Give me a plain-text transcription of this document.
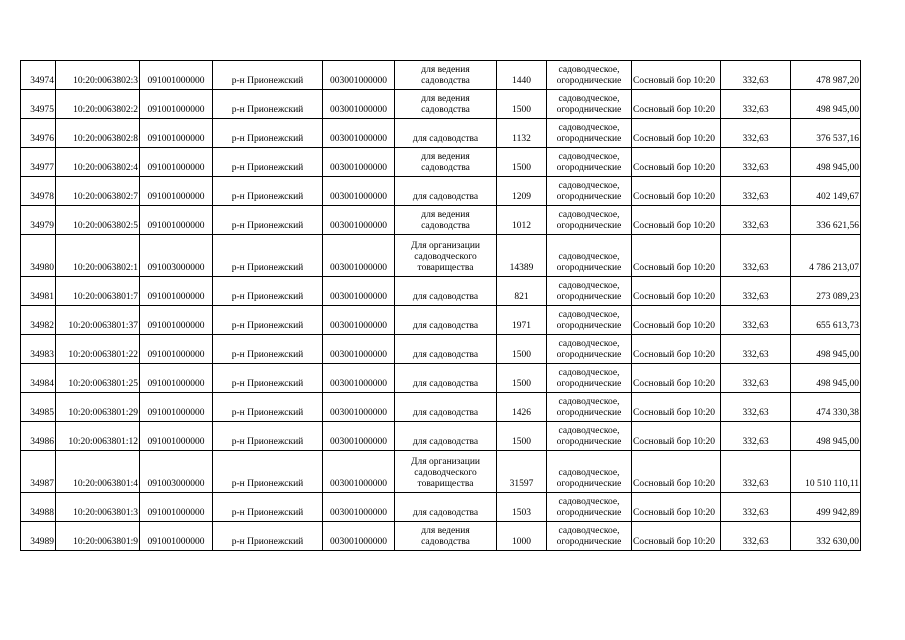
34974	10:20:0063802:3	091001000000	р-н Прионежский	003001000000	для ведения
садоводства	1440	садоводческое,
огороднические	Сосновый бор 10:20	332,63	478 987,20
34975	10:20:0063802:2	091001000000	р-н Прионежский	003001000000	для ведения
садоводства	1500	садоводческое,
огороднические	Сосновый бор 10:20	332,63	498 945,00
34976	10:20:0063802:8	091001000000	р-н Прионежский	003001000000	для садоводства	1132	садоводческое,
огороднические	Сосновый бор 10:20	332,63	376 537,16
34977	10:20:0063802:4	091001000000	р-н Прионежский	003001000000	для ведения
садоводства	1500	садоводческое,
огороднические	Сосновый бор 10:20	332,63	498 945,00
34978	10:20:0063802:7	091001000000	р-н Прионежский	003001000000	для садоводства	1209	садоводческое,
огороднические	Сосновый бор 10:20	332,63	402 149,67
34979	10:20:0063802:5	091001000000	р-н Прионежский	003001000000	для ведения
садоводства	1012	садоводческое,
огороднические	Сосновый бор 10:20	332,63	336 621,56
34980	10:20:0063802:1	091003000000	р-н Прионежский	003001000000	Для организации
садоводческого
товарищества	14389	садоводческое,
огороднические	Сосновый бор 10:20	332,63	4 786 213,07
34981	10:20:0063801:7	091001000000	р-н Прионежский	003001000000	для садоводства	821	садоводческое,
огороднические	Сосновый бор 10:20	332,63	273 089,23
34982	10:20:0063801:37	091001000000	р-н Прионежский	003001000000	для садоводства	1971	садоводческое,
огороднические	Сосновый бор 10:20	332,63	655 613,73
34983	10:20:0063801:22	091001000000	р-н Прионежский	003001000000	для садоводства	1500	садоводческое,
огороднические	Сосновый бор 10:20	332,63	498 945,00
34984	10:20:0063801:25	091001000000	р-н Прионежский	003001000000	для садоводства	1500	садоводческое,
огороднические	Сосновый бор 10:20	332,63	498 945,00
34985	10:20:0063801:29	091001000000	р-н Прионежский	003001000000	для садоводства	1426	садоводческое,
огороднические	Сосновый бор 10:20	332,63	474 330,38
34986	10:20:0063801:12	091001000000	р-н Прионежский	003001000000	для садоводства	1500	садоводческое,
огороднические	Сосновый бор 10:20	332,63	498 945,00
34987	10:20:0063801:4	091003000000	р-н Прионежский	003001000000	Для организации
садоводческого
товарищества	31597	садоводческое,
огороднические	Сосновый бор 10:20	332,63	10 510 110,11
34988	10:20:0063801:3	091001000000	р-н Прионежский	003001000000	для садоводства	1503	садоводческое,
огороднические	Сосновый бор 10:20	332,63	499 942,89
34989	10:20:0063801:9	091001000000	р-н Прионежский	003001000000	для ведения
садоводства	1000	садоводческое,
огороднические	Сосновый бор 10:20	332,63	332 630,00
